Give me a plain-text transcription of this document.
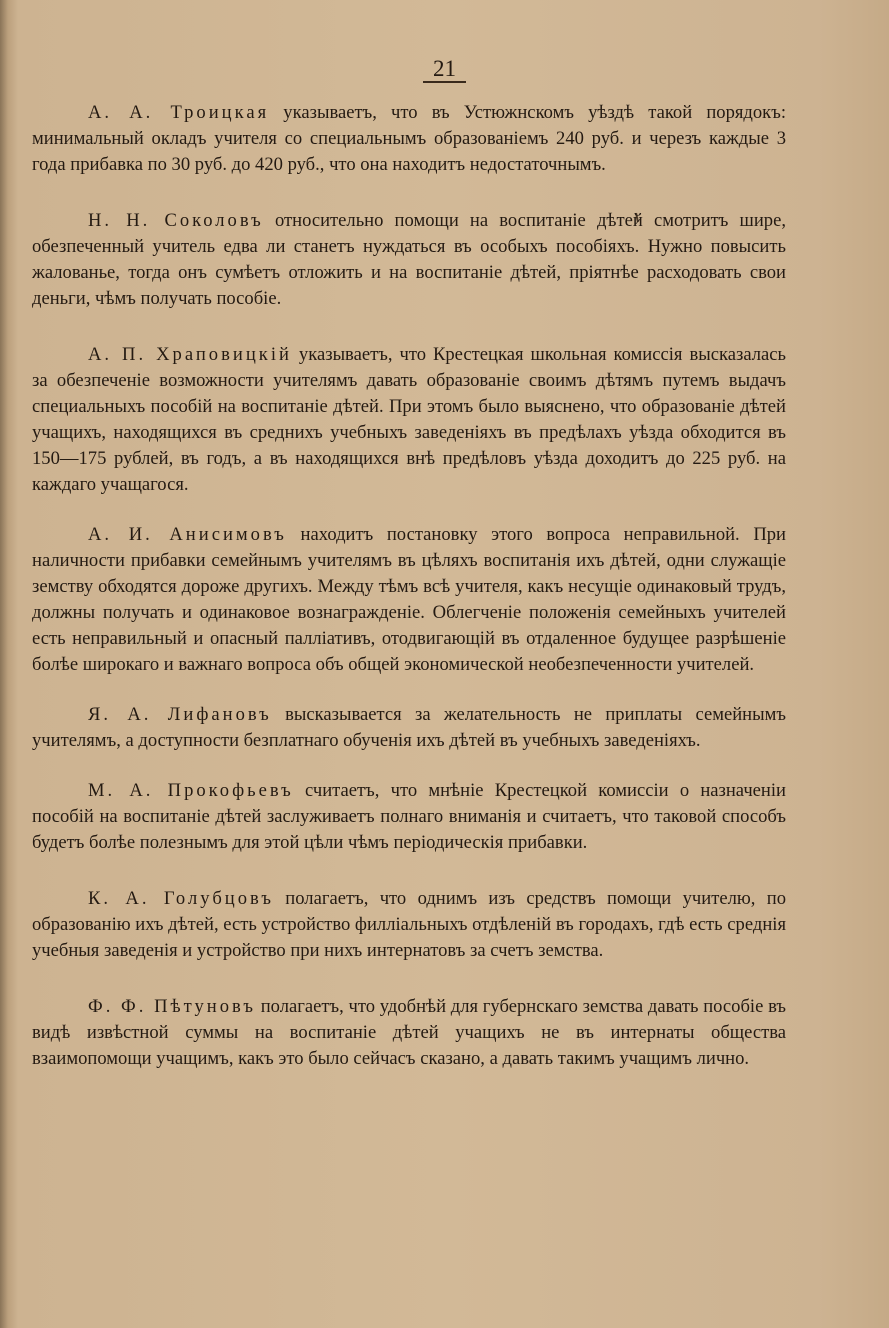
21

А. А. Троицкая указываетъ, что въ Устюжнскомъ уѣздѣ такой порядокъ: минимальный окладъ учителя со специальнымъ образованіемъ 240 руб. и черезъ каждые 3 года прибавка по 30 руб. до 420 руб., что она находитъ недостаточнымъ.

Н. Н. Соколовъ относительно помощи на воспитаніе дѣтей смотритъ шире, обезпеченный учитель едва ли станетъ нуждаться въ особыхъ пособіяхъ. Нужно повысить жалованье, тогда онъ сумѣетъ отложить и на воспитаніе дѣтей, пріятнѣе расходовать свои деньги, чѣмъ получать пособіе.

А. П. Храповицкій указываетъ, что Крестецкая школьная комиссія высказалась за обезпеченіе возможности учителямъ давать образованіе своимъ дѣтямъ путемъ выдачъ специальныхъ пособій на воспитаніе дѣтей. При этомъ было выяснено, что образованіе дѣтей учащихъ, находящихся въ среднихъ учебныхъ заведеніяхъ въ предѣлахъ уѣзда обходится въ 150—175 рублей, въ годъ, а въ находящихся внѣ предѣловъ уѣзда доходитъ до 225 руб. на каждаго учащагося.

А. И. Анисимовъ находитъ постановку этого вопроса неправильной. При наличности прибавки семейнымъ учителямъ въ цѣляхъ воспитанія ихъ дѣтей, одни служащіе земству обходятся дороже другихъ. Между тѣмъ всѣ учителя, какъ несущіе одинаковый трудъ, должны получать и одинаковое вознагражденіе. Облегченіе положенія семейныхъ учителей есть неправильный и опасный паллiативъ, отодвигающій въ отдаленное будущее разрѣшеніе болѣе широкаго и важнаго вопроса объ общей экономической необезпеченности учителей.

Я. А. Лифановъ высказывается за желательность не приплаты семейнымъ учителямъ, а доступности безплатнаго обученія ихъ дѣтей въ учебныхъ заведеніяхъ.

М. А. Прокофьевъ считаетъ, что мнѣніе Крестецкой комиссіи о назначеніи пособій на воспитаніе дѣтей заслуживаетъ полнаго вниманія и считаетъ, что таковой способъ будетъ болѣе полезнымъ для этой цѣли чѣмъ періодическія прибавки.

К. А. Голубцовъ полагаетъ, что однимъ изъ средствъ помощи учителю, по образованію ихъ дѣтей, есть устройство филліальныхъ отдѣленій въ городахъ, гдѣ есть среднія учебныя заведенія и устройство при нихъ интернатовъ за счетъ земства.

Ф. Ф. Пѣтуновъ полагаетъ, что удобнѣй для губернскаго земства давать пособіе въ видѣ извѣстной суммы на воспитаніе дѣтей учащихъ не въ интернаты общества взаимопомощи учащимъ, какъ это было сейчасъ сказано, а давать такимъ учащимъ лично.
